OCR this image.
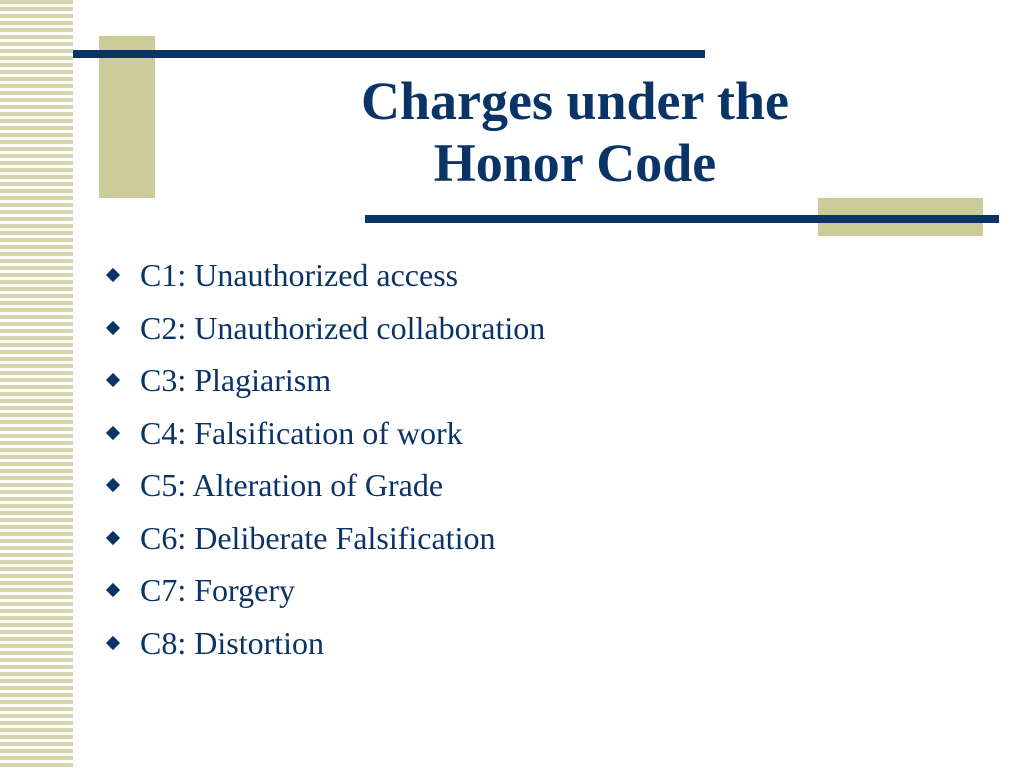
Charges under the
Honor Code
C1: Unauthorized access
C2: Unauthorized collaboration
C3: Plagiarism
C4: Falsification of work
C5: Alteration of Grade
C6: Deliberate Falsification
C7: Forgery
C8: Distortion
